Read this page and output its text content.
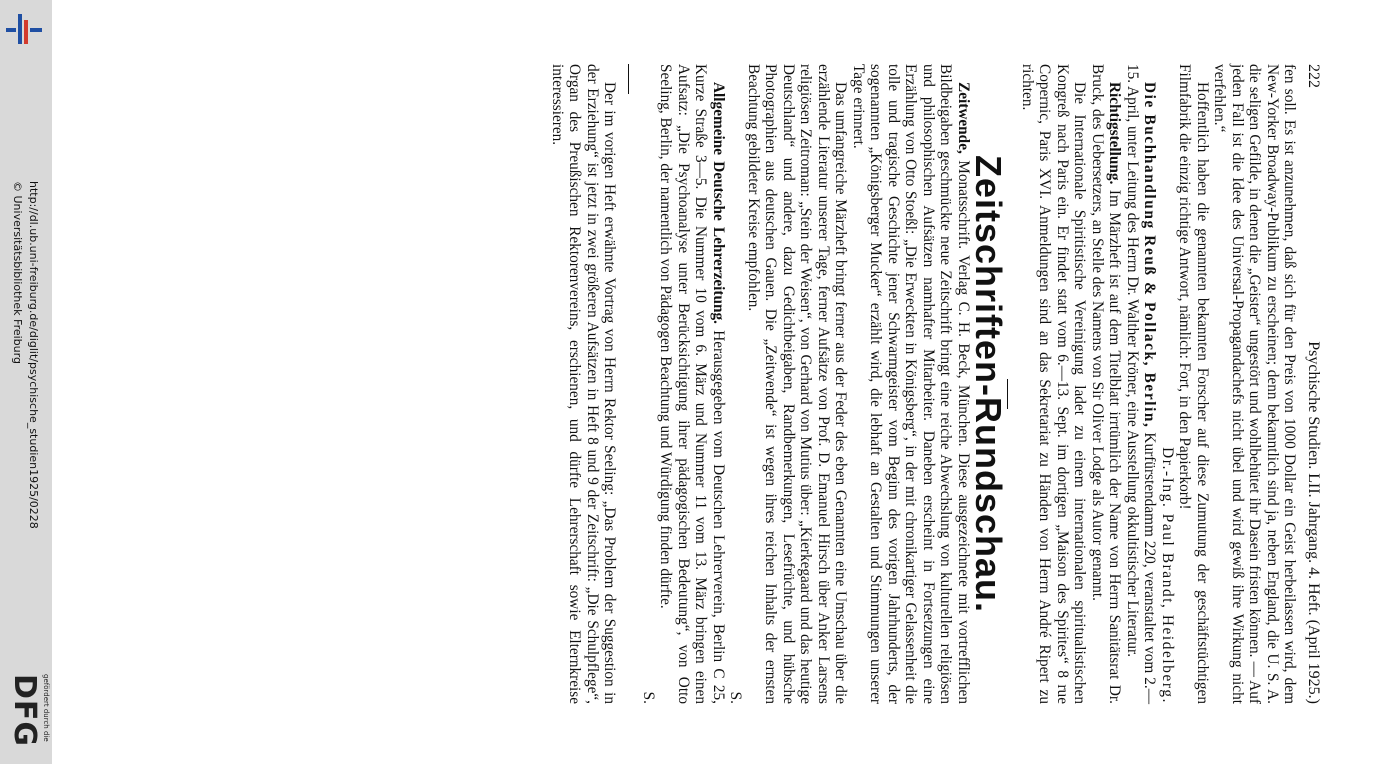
http://dl.ub.uni-freiburg.de/diglit/psychische_studien1925/0228
© Universitätsbibliothek Freiburg
gefördert durch die
DFG
222
Psychische Studien. LII. Jahrgang. 4. Heft. (April 1925.)

fen soll. Es ist anzunehmen, daß sich für den Preis von 1000 Dollar ein Geist herbeilassen wird, dem New-Yorker Broadway-Publikum zu erscheinen; denn bekanntlich sind ja, neben England, die U. S. A. die seligen Gefilde, in denen die „Geister“ ungestört und wohlbehütet ihr Dasein fristen können. — Auf jeden Fall ist die Idee des Universal-Propagandachefs nicht übel und wird gewiß ihre Wirkung nicht verfehlen.“

Hoffentlich haben die genannten bekannten Forscher auf diese Zumutung der geschäftstüchtigen Filmfabrik die einzig richtige Antwort, nämlich: Fort, in den Papierkorb!

Dr.-Ing. Paul Brandt, Heidelberg.

Die Buchhandlung Reuß & Pollack, Berlin, Kurfürstendamm 220, veranstaltet vom 2.—15. April, unter Leitung des Herrn Dr. Walther Kröner, eine Ausstellung okkultistischer Literatur.

Richtigstellung. Im Märzheft ist auf dem Titelblatt irrtümlich der Name von Herrn Sanitätsrat Dr. Bruck, des Uebersetzers, an Stelle des Namens von Sir Oliver Lodge als Autor genannt.

Die Internationale Spiritistische Vereinigung ladet zu einem internationalen spiritualistischen Kongreß nach Paris ein. Er findet statt vom 6.—13. Sept. im dortigen „Maison des Spirites“ 8 rue Copernic, Paris XVI. Anmeldungen sind an das Sekretariat zu Händen von Herrn André Ripert zu richten.

Zeitschriften-Rundschau.

Zeitwende, Monatsschrift. Verlag C. H. Beck, München. Diese ausgezeichnete mit vortrefflichen Bildbeigaben geschmückte neue Zeitschrift bringt eine reiche Abwechslung von kulturellen religiösen und philosophischen Aufsätzen namhafter Mitarbeiter. Daneben erscheint in Fortsetzungen eine Erzählung von Otto Stoeßl: „Die Erweckten in Königsberg“, in der mit chronikartiger Gelassenheit die tolle und tragische Geschichte jener Schwarmgeister vom Beginn des vorigen Jahrhunderts, der sogenannten „Königsberger Mucker“ erzählt wird, die lebhaft an Gestalten und Stimmungen unserer Tage erinnert.

Das umfangreiche Märzheft bringt ferner aus der Feder des eben Genannten eine Umschau über die erzählende Literatur unserer Tage, ferner Aufsätze von Prof. D. Emanuel Hirsch über Anker Larsens religiösen Zeitroman: „Stein der Weisen“, von Gerhard von Mutius über: „Kierkegaard und das heutige Deutschland“ und andere, dazu Gedichtbeigaben, Randbemerkungen, Lesefrüchte, und hübsche Photographien aus deutschen Gauen. Die „Zeitwende“ ist wegen ihres reichen Inhalts der ernsten Beachtung gebildeter Kreise empfohlen.

S.

Allgemeine Deutsche Lehrerzeitung. Herausgegeben vom Deutschen Lehrerverein, Berlin C 25, Kurze Straße 3—5. Die Nummer 10 vom 6. März und Nummer 11 vom 13. März bringen einen Aufsatz: „Die Psychoanalyse unter Berücksichtigung ihrer pädagogischen Bedeutung“, von Otto Seeling, Berlin, der namentlich von Pädagogen Beachtung und Würdigung finden dürfte.

S.

Der im vorigen Heft erwähnte Vortrag von Herrn Rektor Seeling: „Das Problem der Suggestion in der Erziehung“ ist jetzt in zwei größeren Aufsätzen in Heft 8 und 9 der Zeitschrift: „Die Schulpflege“, Organ des Preußischen Rektorenvereins, erschienen, und dürfte Lehrerschaft sowie Elternkreise interessieren.
